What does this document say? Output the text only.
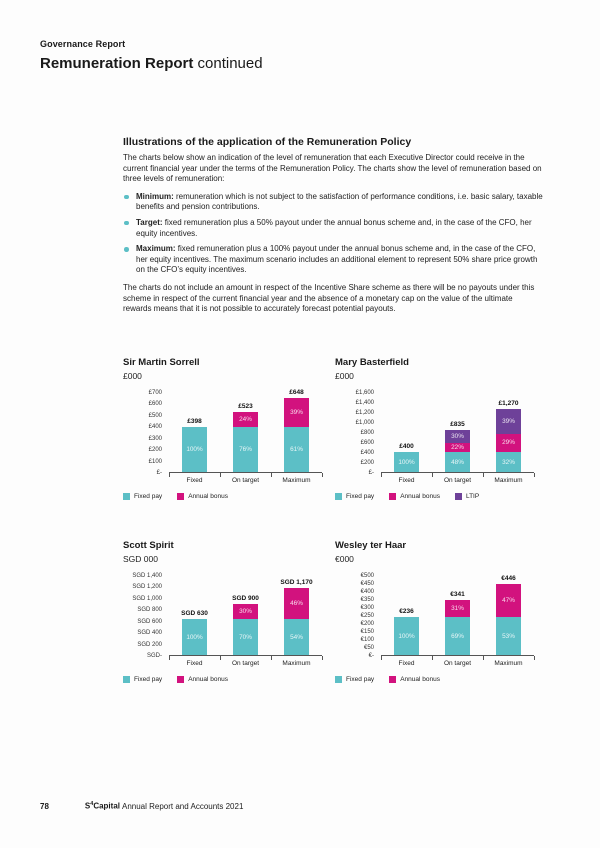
Governance Report
Remuneration Report continued
Illustrations of the application of the Remuneration Policy

The charts below show an indication of the level of remuneration that each Executive Director could receive in the current financial year under the terms of the Remuneration Policy. The charts show the level of remuneration based on three levels of remuneration:

Minimum: remuneration which is not subject to the satisfaction of performance conditions, i.e. basic salary, taxable benefits and pension contributions.
Target: fixed remuneration plus a 50% payout under the annual bonus scheme and, in the case of the CFO, her equity incentives.
Maximum: fixed remuneration plus a 100% payout under the annual bonus scheme and, in the case of the CFO, her equity incentives. The maximum scenario includes an additional element to represent 50% share price growth on the CFO’s equity incentives.

The charts do not include an amount in respect of the Incentive Share scheme as there will be no payouts under this scheme in respect of the current financial year and the absence of a monetary cap on the value of the ultimate rewards means that it is not possible to accurately forecast potential payouts.

Sir Martin Sorrell
£000
£700
£600
£500
£400
£300
£200
£100
£-
100%
£398
76%
24%
£523
61%
39%
£648
Fixed	On target	Maximum
Fixed pay	Annual bonus
Mary Basterfield
£000
£1,600
£1,400
£1,200
£1,000
£800
£600
£400
£200
£-
100%
£400
48%
22%
30%
£835
32%
29%
39%
£1,270
Fixed	On target	Maximum
Fixed pay	Annual bonus	LTIP
Scott Spirit
SGD 000
SGD 1,400
SGD 1,200
SGD 1,000
SGD 800
SGD 600
SGD 400
SGD 200
SGD-
100%
SGD 630
70%
30%
SGD 900
54%
46%
SGD 1,170
Fixed	On target	Maximum
Fixed pay	Annual bonus
Wesley ter Haar
€000
€500
€450
€400
€350
€300
€250
€200
€150
€100
€50
€-
100%
€236
69%
31%
€341
53%
47%
€446
Fixed	On target	Maximum
Fixed pay	Annual bonus
78	$S^4Capital$ Annual Report and Accounts 2021
